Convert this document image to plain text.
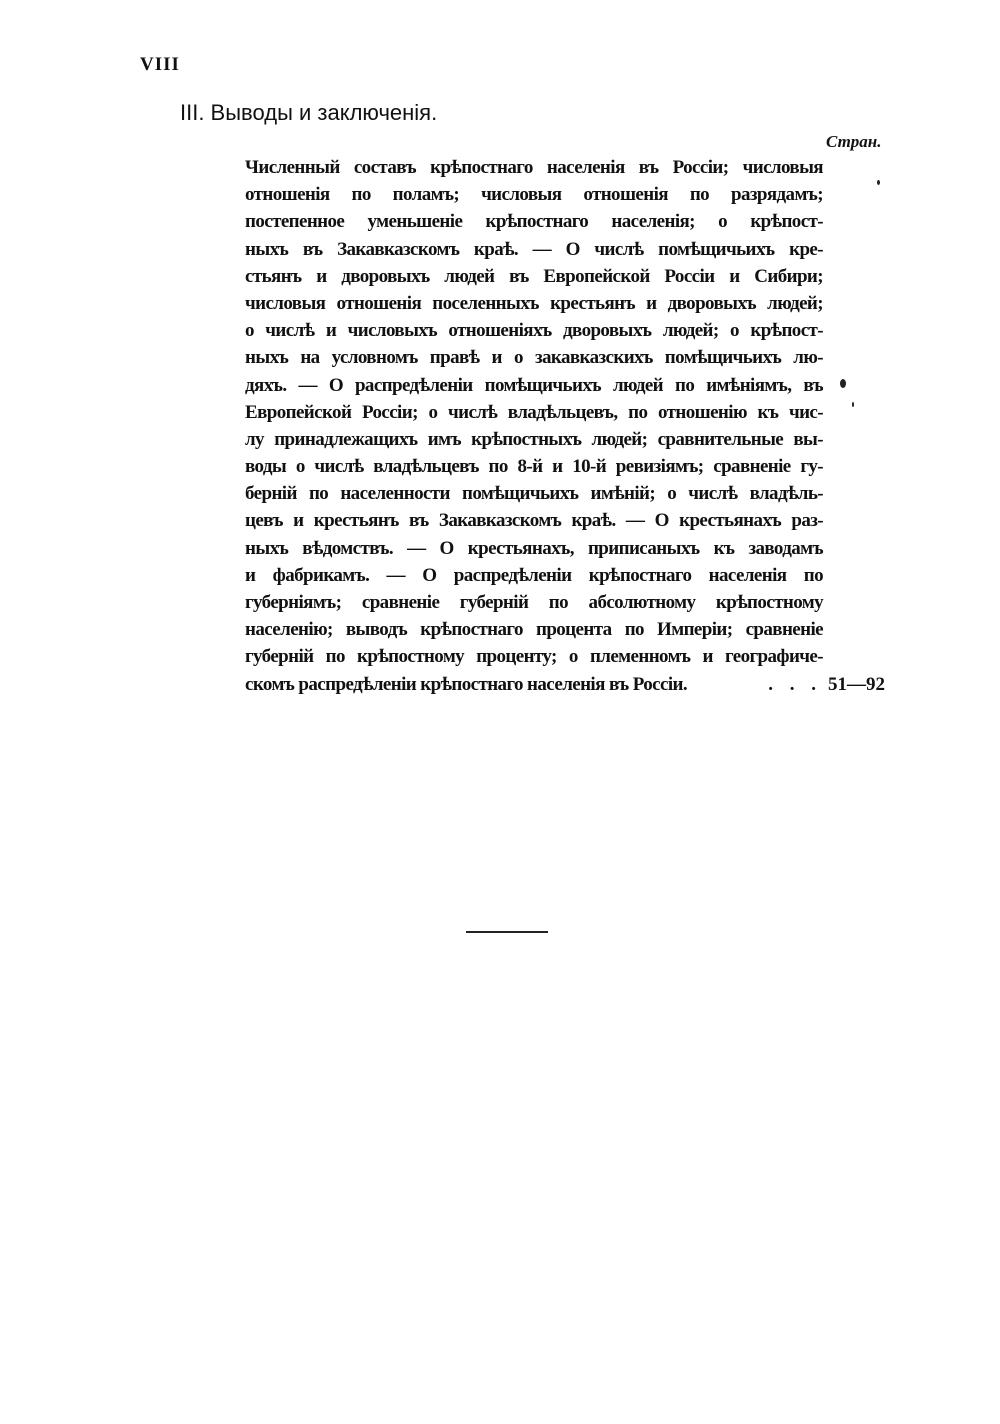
VIII
III. Выводы и заключенія.
Стран.
Численный составъ крѣпостнаго населенія въ Россіи; числовыя
отношенія по поламъ; числовыя отношенія по разрядамъ;
постепенное уменьшеніе крѣпостнаго населенія; о крѣпост-
ныхъ въ Закавказскомъ краѣ. — О числѣ помѣщичьихъ кре-
стьянъ и дворовыхъ людей въ Европейской Россіи и Сибири;
числовыя отношенія поселенныхъ крестьянъ и дворовыхъ людей;
о числѣ и числовыхъ отношеніяхъ дворовыхъ людей; о крѣпост-
ныхъ на условномъ правѣ и о закавказскихъ помѣщичьихъ лю-
дяхъ. — О распредѣленіи помѣщичьихъ людей по имѣніямъ, въ
Европейской Россіи; о числѣ владѣльцевъ, по отношенію къ чис-
лу принадлежащихъ имъ крѣпостныхъ людей; сравнительные вы-
воды о числѣ владѣльцевъ по 8-й и 10-й ревизіямъ; сравненіе гу-
берній по населенности помѣщичьихъ имѣній; о числѣ владѣль-
цевъ и крестьянъ въ Закавказскомъ краѣ. — О крестьянахъ раз-
ныхъ вѣдомствъ. — О крестьянахъ, приписаныхъ къ заводамъ
и фабрикамъ. — О распредѣленіи крѣпостнаго населенія по
губерніямъ; сравненіе губерній по абсолютному крѣпостному
населенію; выводъ крѣпостнаго процента по Имперіи; сравненіе
губерній по крѣпостному проценту; о племенномъ и географиче-
скомъ распредѣленіи крѣпостнаго населенія въ Россіи.	. . . 51—92
